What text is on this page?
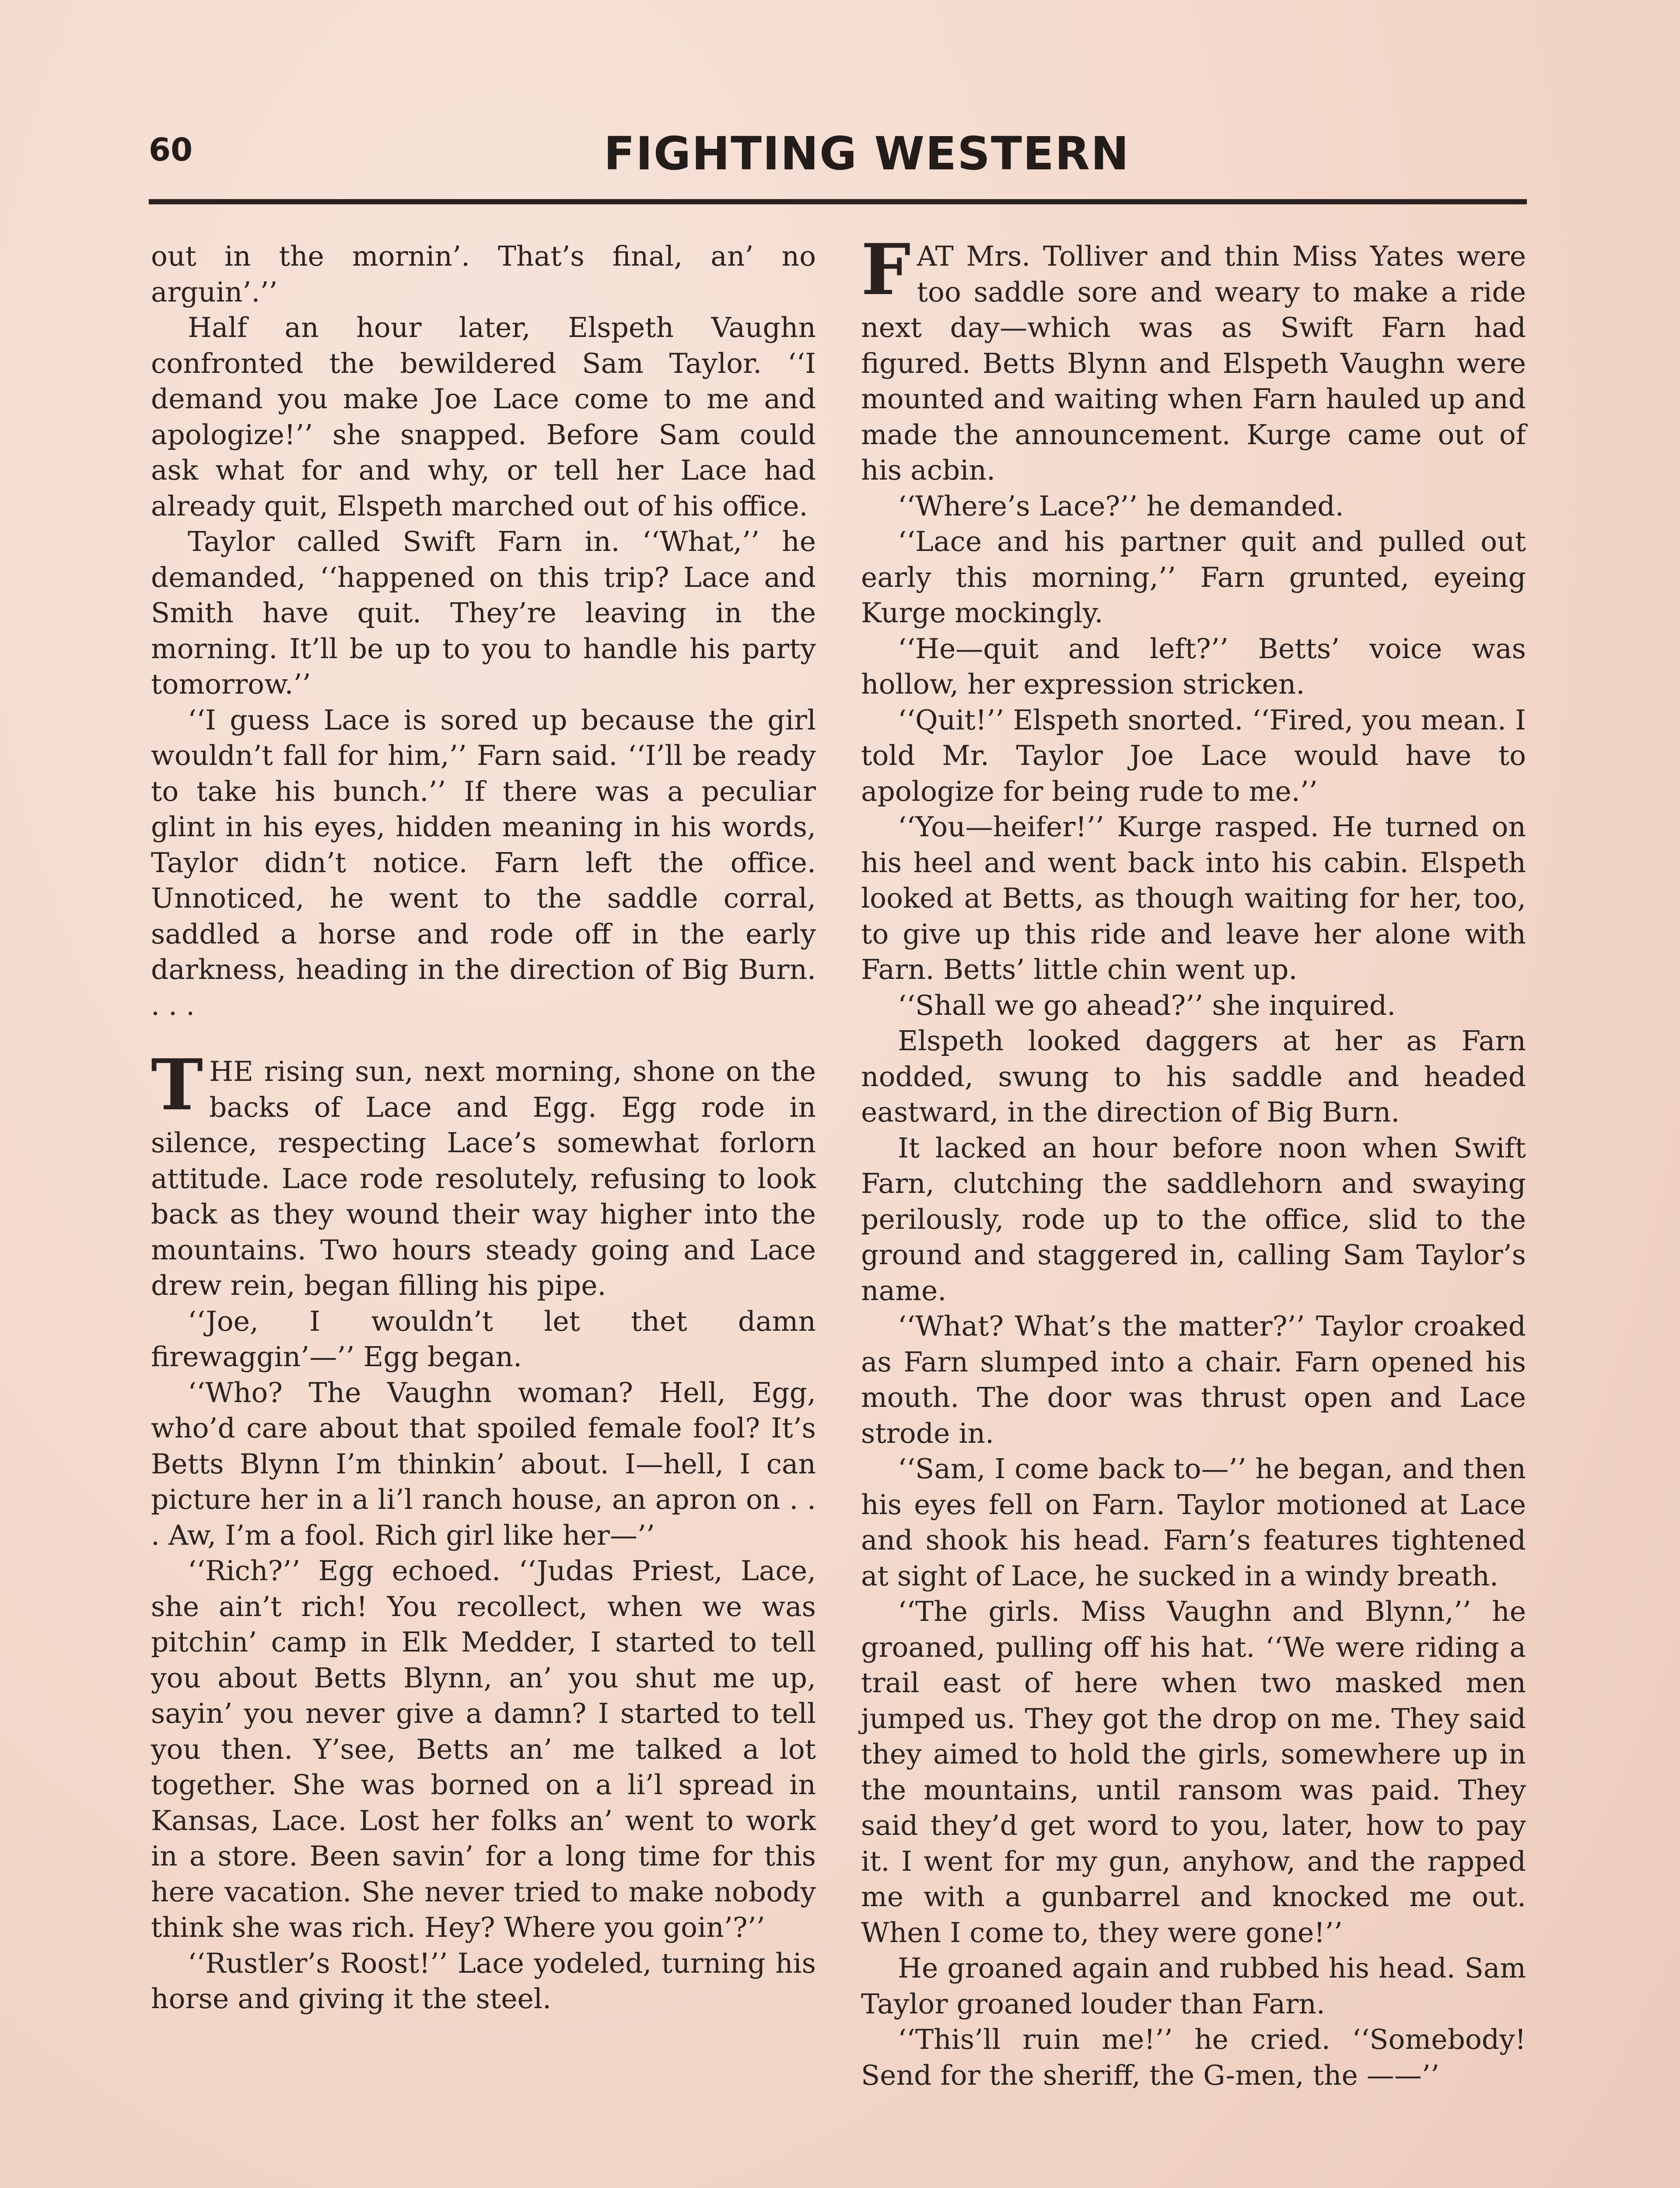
60	FIGHTING WESTERN

out in the mornin’. That’s final, an’ no arguin’.’’

Half an hour later, Elspeth Vaughn confronted the bewildered Sam Taylor. ‘‘I demand you make Joe Lace come to me and apologize!’’ she snapped. Before Sam could ask what for and why, or tell her Lace had already quit, Elspeth marched out of his office.

Taylor called Swift Farn in. ‘‘What,’’ he demanded, ‘‘happened on this trip? Lace and Smith have quit. They’re leaving in the morning. It’ll be up to you to handle his party tomorrow.’’

‘‘I guess Lace is sored up because the girl wouldn’t fall for him,’’ Farn said. ‘‘I’ll be ready to take his bunch.’’ If there was a peculiar glint in his eyes, hidden meaning in his words, Taylor didn’t notice. Farn left the office. Unnoticed, he went to the saddle corral, saddled a horse and rode off in the early darkness, heading in the direction of Big Burn. . . .

THE rising sun, next morning, shone on the backs of Lace and Egg. Egg rode in silence, respecting Lace’s somewhat forlorn attitude. Lace rode resolutely, refusing to look back as they wound their way higher into the mountains. Two hours steady going and Lace drew rein, began filling his pipe.

‘‘Joe, I wouldn’t let thet damn firewaggin’—’’ Egg began.

‘‘Who? The Vaughn woman? Hell, Egg, who’d care about that spoiled female fool? It’s Betts Blynn I’m thinkin’ about. I—hell, I can picture her in a li’l ranch house, an apron on . . . Aw, I’m a fool. Rich girl like her—’’

‘‘Rich?’’ Egg echoed. ‘‘Judas Priest, Lace, she ain’t rich! You recollect, when we was pitchin’ camp in Elk Medder, I started to tell you about Betts Blynn, an’ you shut me up, sayin’ you never give a damn? I started to tell you then. Y’see, Betts an’ me talked a lot together. She was borned on a li’l spread in Kansas, Lace. Lost her folks an’ went to work in a store. Been savin’ for a long time for this here vacation. She never tried to make nobody think she was rich. Hey? Where you goin’?’’

‘‘Rustler’s Roost!’’ Lace yodeled, turning his horse and giving it the steel.

FAT Mrs. Tolliver and thin Miss Yates were too saddle sore and weary to make a ride next day—which was as Swift Farn had figured. Betts Blynn and Elspeth Vaughn were mounted and waiting when Farn hauled up and made the announcement. Kurge came out of his acbin.

‘‘Where’s Lace?’’ he demanded.

‘‘Lace and his partner quit and pulled out early this morning,’’ Farn grunted, eyeing Kurge mockingly.

‘‘He—quit and left?’’ Betts’ voice was hollow, her expression stricken.

‘‘Quit!’’ Elspeth snorted. ‘‘Fired, you mean. I told Mr. Taylor Joe Lace would have to apologize for being rude to me.’’

‘‘You—heifer!’’ Kurge rasped. He turned on his heel and went back into his cabin. Elspeth looked at Betts, as though waiting for her, too, to give up this ride and leave her alone with Farn. Betts’ little chin went up.

‘‘Shall we go ahead?’’ she inquired.

Elspeth looked daggers at her as Farn nodded, swung to his saddle and headed eastward, in the direction of Big Burn.

It lacked an hour before noon when Swift Farn, clutching the saddlehorn and swaying perilously, rode up to the office, slid to the ground and staggered in, calling Sam Taylor’s name.

‘‘What? What’s the matter?’’ Taylor croaked as Farn slumped into a chair. Farn opened his mouth. The door was thrust open and Lace strode in.

‘‘Sam, I come back to—’’ he began, and then his eyes fell on Farn. Taylor motioned at Lace and shook his head. Farn’s features tightened at sight of Lace, he sucked in a windy breath.

‘‘The girls. Miss Vaughn and Blynn,’’ he groaned, pulling off his hat. ‘‘We were riding a trail east of here when two masked men jumped us. They got the drop on me. They said they aimed to hold the girls, somewhere up in the mountains, until ransom was paid. They said they’d get word to you, later, how to pay it. I went for my gun, anyhow, and the rapped me with a gunbarrel and knocked me out. When I come to, they were gone!’’

He groaned again and rubbed his head. Sam Taylor groaned louder than Farn.

‘‘This’ll ruin me!’’ he cried. ‘‘Somebody! Send for the sheriff, the G-men, the ——’’
